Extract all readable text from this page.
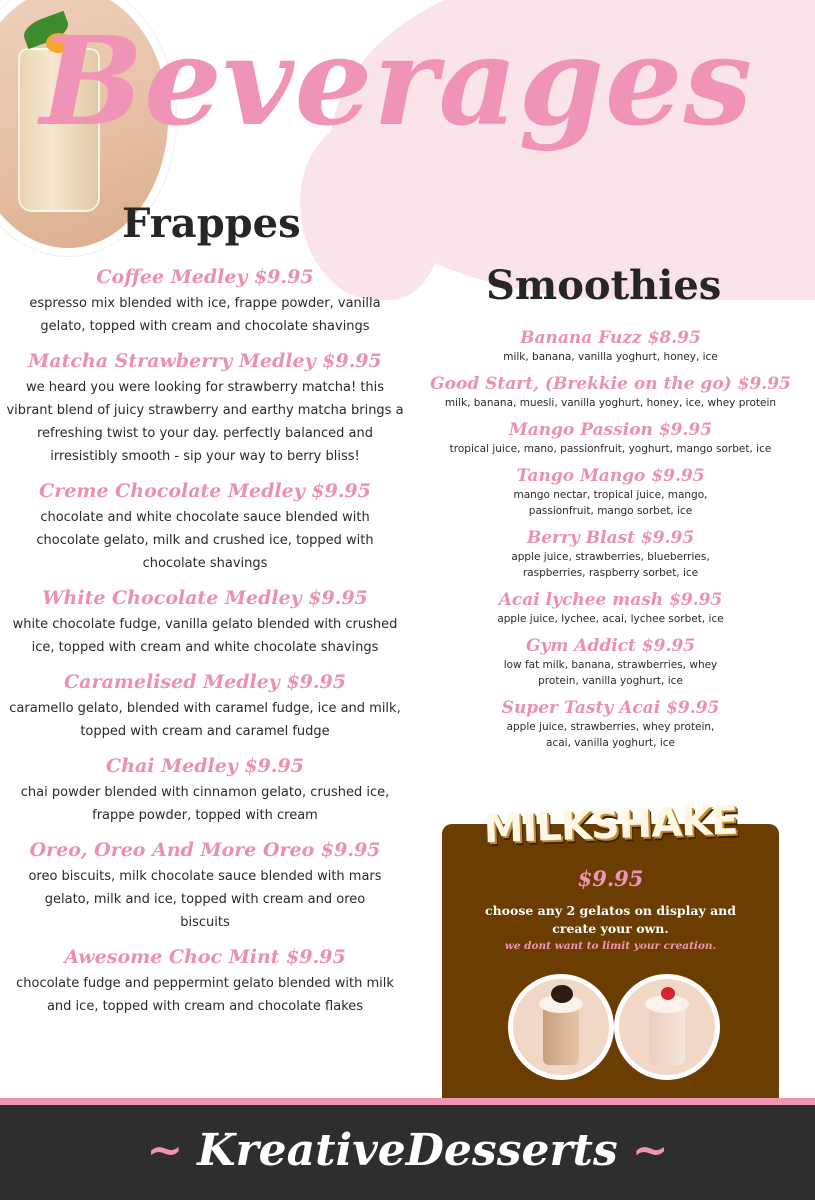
Beverages
Frappes
Smoothies
Coffee Medley $9.95
espresso mix blended with ice, frappe powder, vanilla gelato, topped with cream and chocolate shavings
Matcha Strawberry Medley $9.95
we heard you were looking for strawberry matcha! this vibrant blend of juicy strawberry and earthy matcha brings a refreshing twist to your day. perfectly balanced and irresistibly smooth - sip your way to berry bliss!
Creme Chocolate Medley $9.95
chocolate and white chocolate sauce blended with chocolate gelato, milk and crushed ice, topped with chocolate shavings
White Chocolate Medley $9.95
white chocolate fudge, vanilla gelato blended with crushed ice, topped with cream and white chocolate shavings
Caramelised Medley $9.95
caramello gelato, blended with caramel fudge, ice and milk, topped with cream and caramel fudge
Chai Medley $9.95
chai powder blended with cinnamon gelato, crushed ice, frappe powder, topped with cream
Oreo, Oreo And More Oreo $9.95
oreo biscuits, milk chocolate sauce blended with mars gelato, milk and ice, topped with cream and oreo biscuits
Awesome Choc Mint $9.95
chocolate fudge and peppermint gelato blended with milk and ice, topped with cream and chocolate flakes
Banana Fuzz $8.95
milk, banana, vanilla yoghurt, honey, ice
Good Start, (Brekkie on the go) $9.95
milk, banana, muesli, vanilla yoghurt, honey, ice, whey protein
Mango Passion $9.95
tropical juice, mano, passionfruit, yoghurt, mango sorbet, ice
Tango Mango $9.95
mango nectar, tropical juice, mango, passionfruit, mango sorbet, ice
Berry Blast $9.95
apple juice, strawberries, blueberries, raspberries, raspberry sorbet, ice
Acai lychee mash $9.95
apple juice, lychee, acai, lychee sorbet, ice
Gym Addict $9.95
low fat milk, banana, strawberries, whey protein, vanilla yoghurt, ice
Super Tasty Acai $9.95
apple juice, strawberries, whey protein, acai, vanilla yoghurt, ice
MILKSHAKE
$9.95
choose any 2 gelatos on display and create your own.
we dont want to limit your creation.
~ KreativeDesserts ~
